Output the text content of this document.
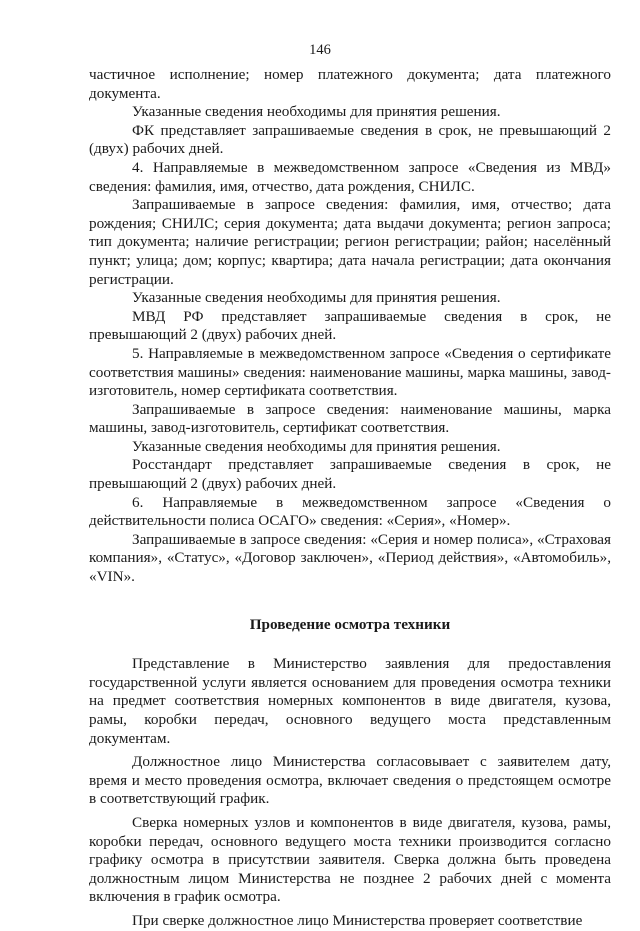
146

частичное исполнение; номер платежного документа; дата платежного документа.

Указанные сведения необходимы для принятия решения.

ФК представляет запрашиваемые сведения в срок, не превышающий 2 (двух) рабочих дней.

4. Направляемые в межведомственном запросе «Сведения из МВД» сведения: фамилия, имя, отчество, дата рождения, СНИЛС.

Запрашиваемые в запросе сведения: фамилия, имя, отчество; дата рождения; СНИЛС; серия документа; дата выдачи документа; регион запроса; тип документа; наличие регистрации; регион регистрации; район; населённый пункт; улица; дом; корпус; квартира; дата начала регистрации; дата окончания регистрации.

Указанные сведения необходимы для принятия решения.

МВД РФ представляет запрашиваемые сведения в срок, не превышающий 2 (двух) рабочих дней.

5. Направляемые в межведомственном запросе «Сведения о сертификате соответствия машины» сведения: наименование машины, марка машины, завод-изготовитель, номер сертификата соответствия.

Запрашиваемые в запросе сведения: наименование машины, марка машины, завод-изготовитель, сертификат соответствия.

Указанные сведения необходимы для принятия решения.

Росстандарт представляет запрашиваемые сведения в срок, не превышающий 2 (двух) рабочих дней.

6. Направляемые в межведомственном запросе «Сведения о действительности полиса ОСАГО» сведения: «Серия», «Номер».

Запрашиваемые в запросе сведения: «Серия и номер полиса», «Страховая компания», «Статус», «Договор заключен», «Период действия», «Автомобиль», «VIN».

Проведение осмотра техники

Представление в Министерство заявления для предоставления государственной услуги является основанием для проведения осмотра техники на предмет соответствия номерных компонентов в виде двигателя, кузова, рамы, коробки передач, основного ведущего моста представленным документам.

Должностное лицо Министерства согласовывает с заявителем дату, время и место проведения осмотра, включает сведения о предстоящем осмотре в соответствующий график.

Сверка номерных узлов и компонентов в виде двигателя, кузова, рамы, коробки передач, основного ведущего моста техники производится согласно графику осмотра в присутствии заявителя. Сверка должна быть проведена должностным лицом Министерства не позднее 2 рабочих дней с момента включения в график осмотра.

При сверке должностное лицо Министерства проверяет соответствие
